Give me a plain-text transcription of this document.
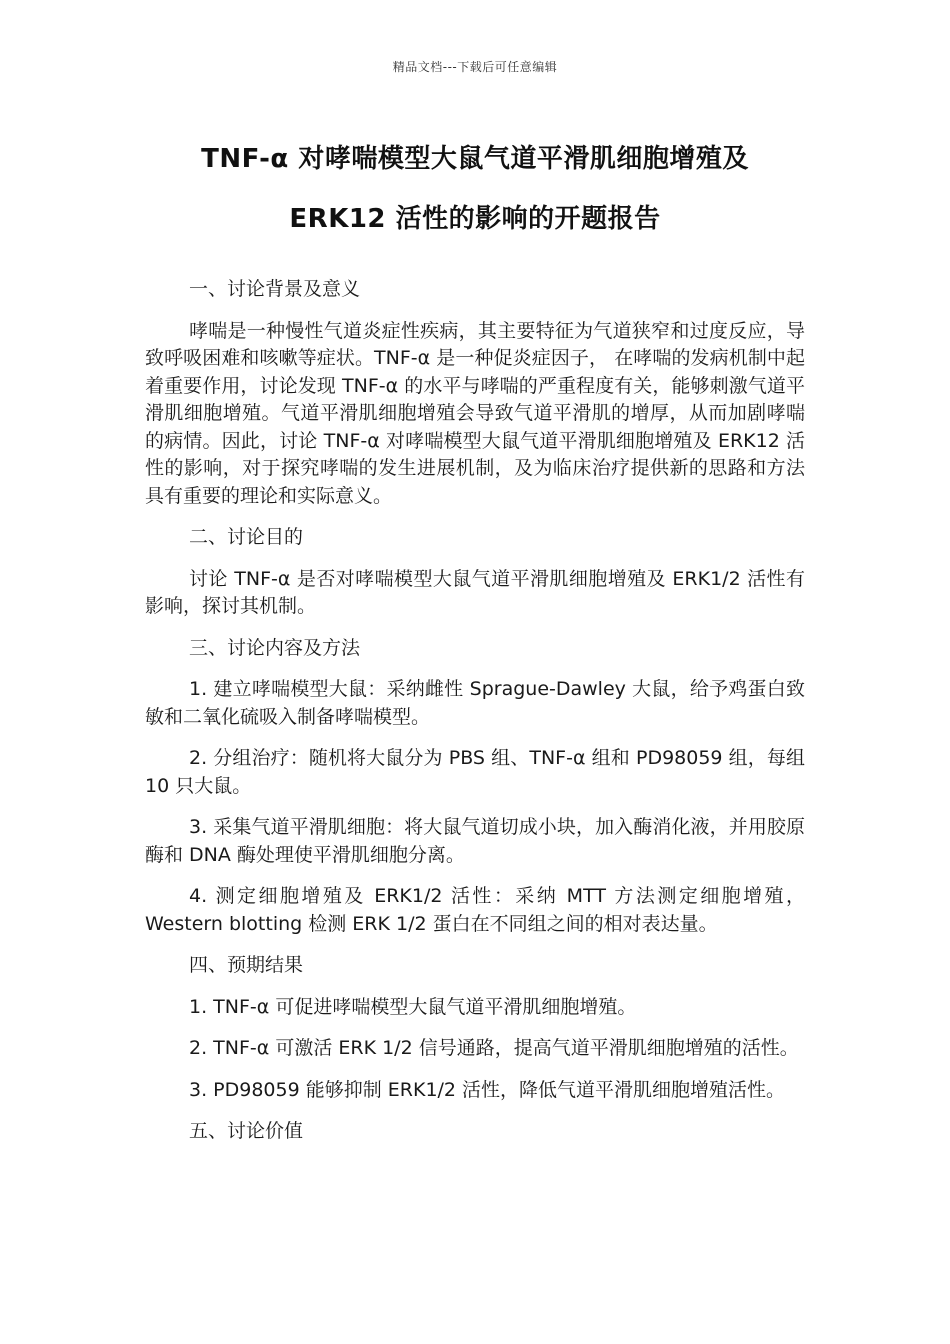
精品文档---下载后可任意编辑
TNF-α 对哮喘模型大鼠气道平滑肌细胞增殖及
ERK12 活性的影响的开题报告
一、讨论背景及意义
哮喘是一种慢性气道炎症性疾病，其主要特征为气道狭窄和过度反应，导致呼吸困难和咳嗽等症状。TNF-α 是一种促炎症因子， 在哮喘的发病机制中起着重要作用，讨论发现 TNF-α 的水平与哮喘的严重程度有关，能够刺激气道平滑肌细胞增殖。气道平滑肌细胞增殖会导致气道平滑肌的增厚，从而加剧哮喘的病情。因此，讨论 TNF-α 对哮喘模型大鼠气道平滑肌细胞增殖及 ERK12 活性的影响，对于探究哮喘的发生进展机制，及为临床治疗提供新的思路和方法具有重要的理论和实际意义。
二、讨论目的
讨论 TNF-α 是否对哮喘模型大鼠气道平滑肌细胞增殖及 ERK1/2 活性有影响，探讨其机制。
三、讨论内容及方法
1. 建立哮喘模型大鼠：采纳雌性 Sprague-Dawley 大鼠，给予鸡蛋白致敏和二氧化硫吸入制备哮喘模型。
2. 分组治疗：随机将大鼠分为 PBS 组、TNF-α 组和 PD98059 组，每组 10 只大鼠。
3. 采集气道平滑肌细胞：将大鼠气道切成小块，加入酶消化液，并用胶原酶和 DNA 酶处理使平滑肌细胞分离。
4. 测定细胞增殖及 ERK1/2 活性：采纳 MTT 方法测定细胞增殖，Western blotting 检测 ERK 1/2 蛋白在不同组之间的相对表达量。
四、预期结果
1. TNF-α 可促进哮喘模型大鼠气道平滑肌细胞增殖。
2. TNF-α 可激活 ERK 1/2 信号通路，提高气道平滑肌细胞增殖的活性。
3. PD98059 能够抑制 ERK1/2 活性，降低气道平滑肌细胞增殖活性。
五、讨论价值
